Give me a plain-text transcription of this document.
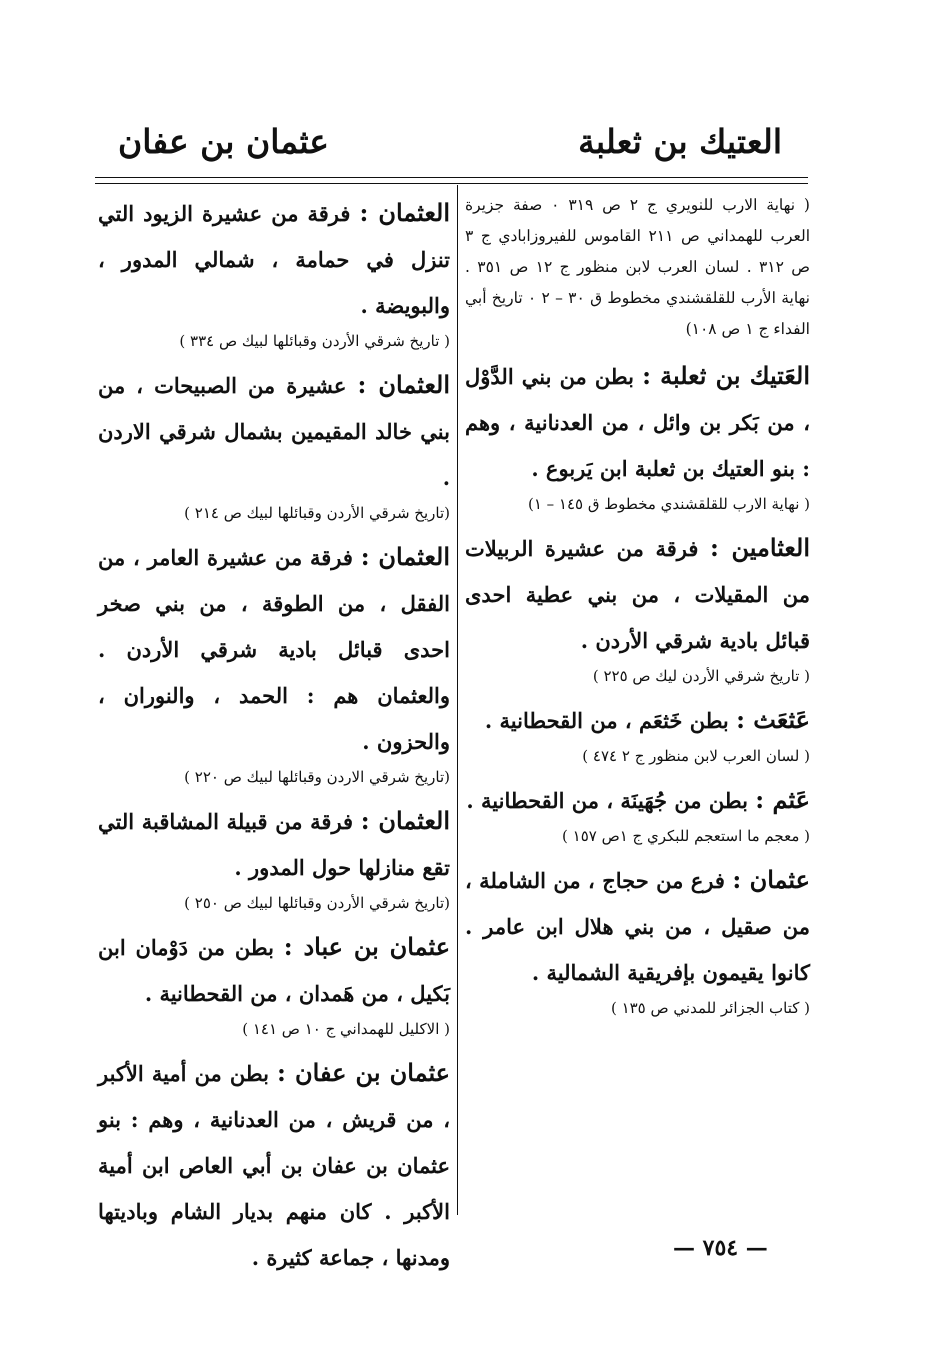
العتيك بن ثعلبة
عثمان بن عفان

( نهاية الارب للنويري ج ٢ ص ٣١٩ ٠ صفة جزيرة العرب للهمداني ص ٢١١ القاموس للفيروزابادي ج ٣ ص ٣١٢ . لسان العرب لابن منظور ج ١٢ ص ٣٥١ . نهاية الأرب للقلقشندي مخطوط ق ٣٠ – ٢ ٠ تاريخ أبي الفداء ج ١ ص ١٠٨)

العَتيك بن ثعلبة : بطن من بني الدَّوْل ، من بَكر بن وائل ، من العدنانية ، وهم : بنو العتيك بن ثعلبة ابن يَربوع .

( نهاية الارب للقلقشندي مخطوط ق ١٤٥ – ١)

العثامين : فرقة من عشيرة الربيلات من المقيلات ، من بني عطية احدى قبائل بادية شرقي الأردن .

( تاريخ شرقي الأردن ليك ص ٢٢٥ )

عَثعَث : بطن خَثعَم ، من القحطانية .

( لسان العرب لابن منظور ج ٢ ٤٧٤ )

عَثم : بطن من جُهَينَة ، من القحطانية .

( معجم ما استعجم للبكري ج ١ص ١٥٧ )

عثمان : فرع من حجاج ، من الشاملة ، من صقيل ، من بني هلال ابن عامر . كانوا يقيمون بإفريقية الشمالية .

( كتاب الجزائر للمدني ص ١٣٥ )

العثمان : فرقة من عشيرة الزيود التي تنزل في حمامة ، شمالي المدور ، والبويضة .

( تاريخ شرقي الأردن وقبائلها لبيك ص ٣٣٤ )

العثمان : عشيرة من الصبيحات ، من بني خالد المقيمين بشمال شرقي الاردن .

(تاريخ شرقي الأردن وقبائلها لبيك ص ٢١٤ )

العثمان : فرقة من عشيرة العامر ، من الفقل ، من الطوقة ، من بني صخر احدى قبائل بادية شرقي الأردن . والعثمان هم : الحمد ، والنوران ، والحزون .

(تاريخ شرقي الاردن وقبائلها لبيك ص ٢٢٠ )

العثمان : فرقة من قبيلة المشاقبة التي تقع منازلها حول المدور .

(تاريخ شرقي الأردن وقبائلها لبيك ص ٢٥٠ )

عثمان بن عباد : بطن من دَوْمان ابن بَكيل ، من هَمدان ، من القحطانية .

( الاكليل للهمداني ج ١٠ ص ١٤١ )

عثمان بن عفان : بطن من أمية الأكبر ، من قريش ، من العدنانية ، وهم : بنو عثمان بن عفان بن أبي العاص ابن أمية الأكبر . كان منهم بديار الشام وباديتها ومدنها ، جماعة كثيرة .	— ٧٥٤ —
